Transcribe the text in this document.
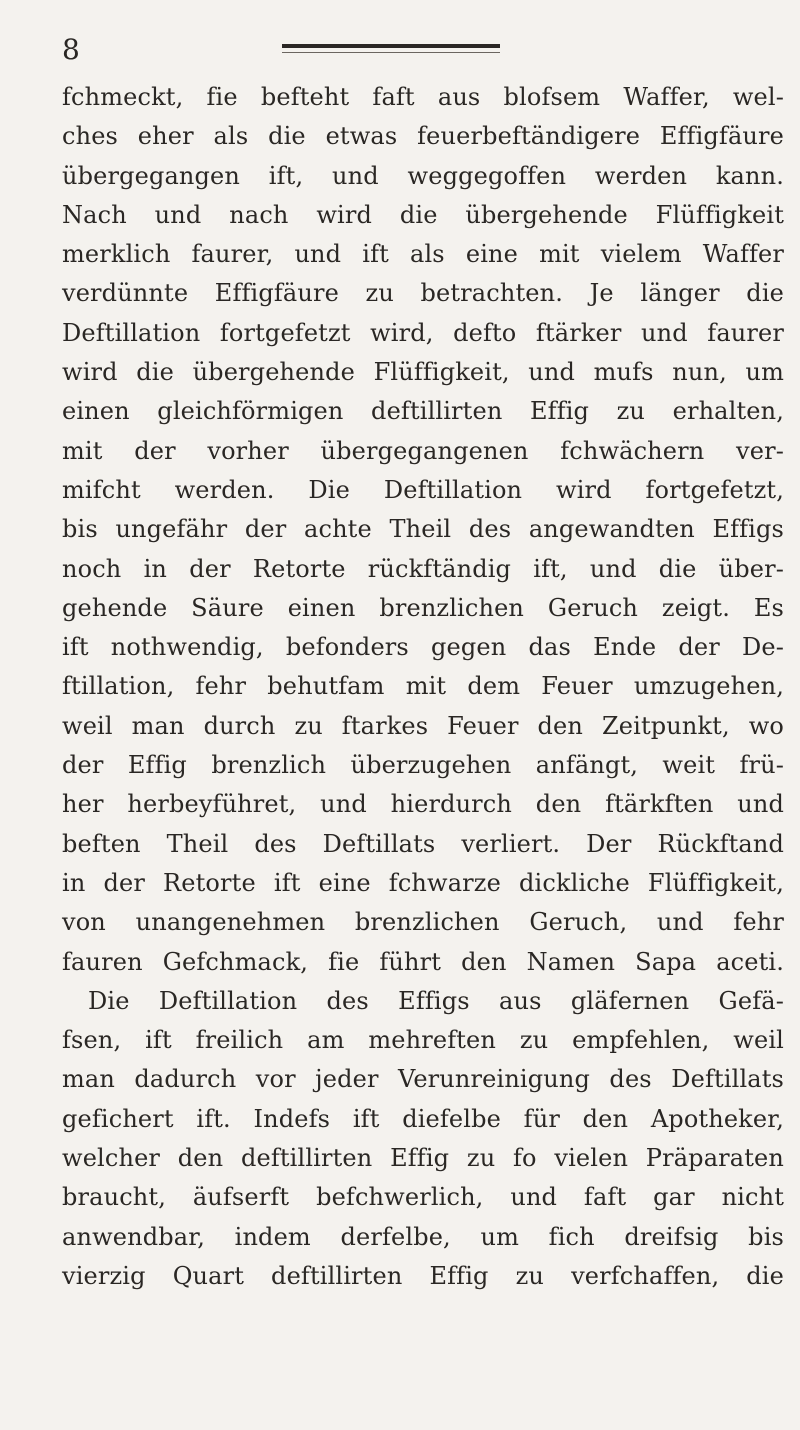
8
fchmeckt, fie befteht faft aus blofsem Waffer, wel-
ches eher als die etwas feuerbeftändigere Effigfäure
übergegangen ift, und weggegoffen werden kann.
Nach und nach wird die übergehende Flüffigkeit
merklich faurer, und ift als eine mit vielem Waffer
verdünnte Effigfäure zu betrachten. Je länger die
Deftillation fortgefetzt wird, defto ftärker und faurer
wird die übergehende Flüffigkeit, und mufs nun, um
einen gleichförmigen deftillirten Effig zu erhalten,
mit der vorher übergegangenen fchwächern ver-
mifcht werden. Die Deftillation wird fortgefetzt,
bis ungefähr der achte Theil des angewandten Effigs
noch in der Retorte rückftändig ift, und die über-
gehende Säure einen brenzlichen Geruch zeigt. Es
ift nothwendig, befonders gegen das Ende der De-
ftillation, fehr behutfam mit dem Feuer umzugehen,
weil man durch zu ftarkes Feuer den Zeitpunkt, wo
der Effig brenzlich überzugehen anfängt, weit frü-
her herbeyführet, und hierdurch den ftärkften und
beften Theil des Deftillats verliert. Der Rückftand
in der Retorte ift eine fchwarze dickliche Flüffigkeit,
von unangenehmen brenzlichen Geruch, und fehr
fauren Gefchmack, fie führt den Namen Sapa aceti.
Die Deftillation des Effigs aus gläfernen Gefä-
fsen, ift freilich am mehreften zu empfehlen, weil
man dadurch vor jeder Verunreinigung des Deftillats
gefichert ift. Indefs ift diefelbe für den Apotheker,
welcher den deftillirten Effig zu fo vielen Präparaten
braucht, äufserft befchwerlich, und faft gar nicht
anwendbar, indem derfelbe, um fich dreifsig bis
vierzig Quart deftillirten Effig zu verfchaffen, die
